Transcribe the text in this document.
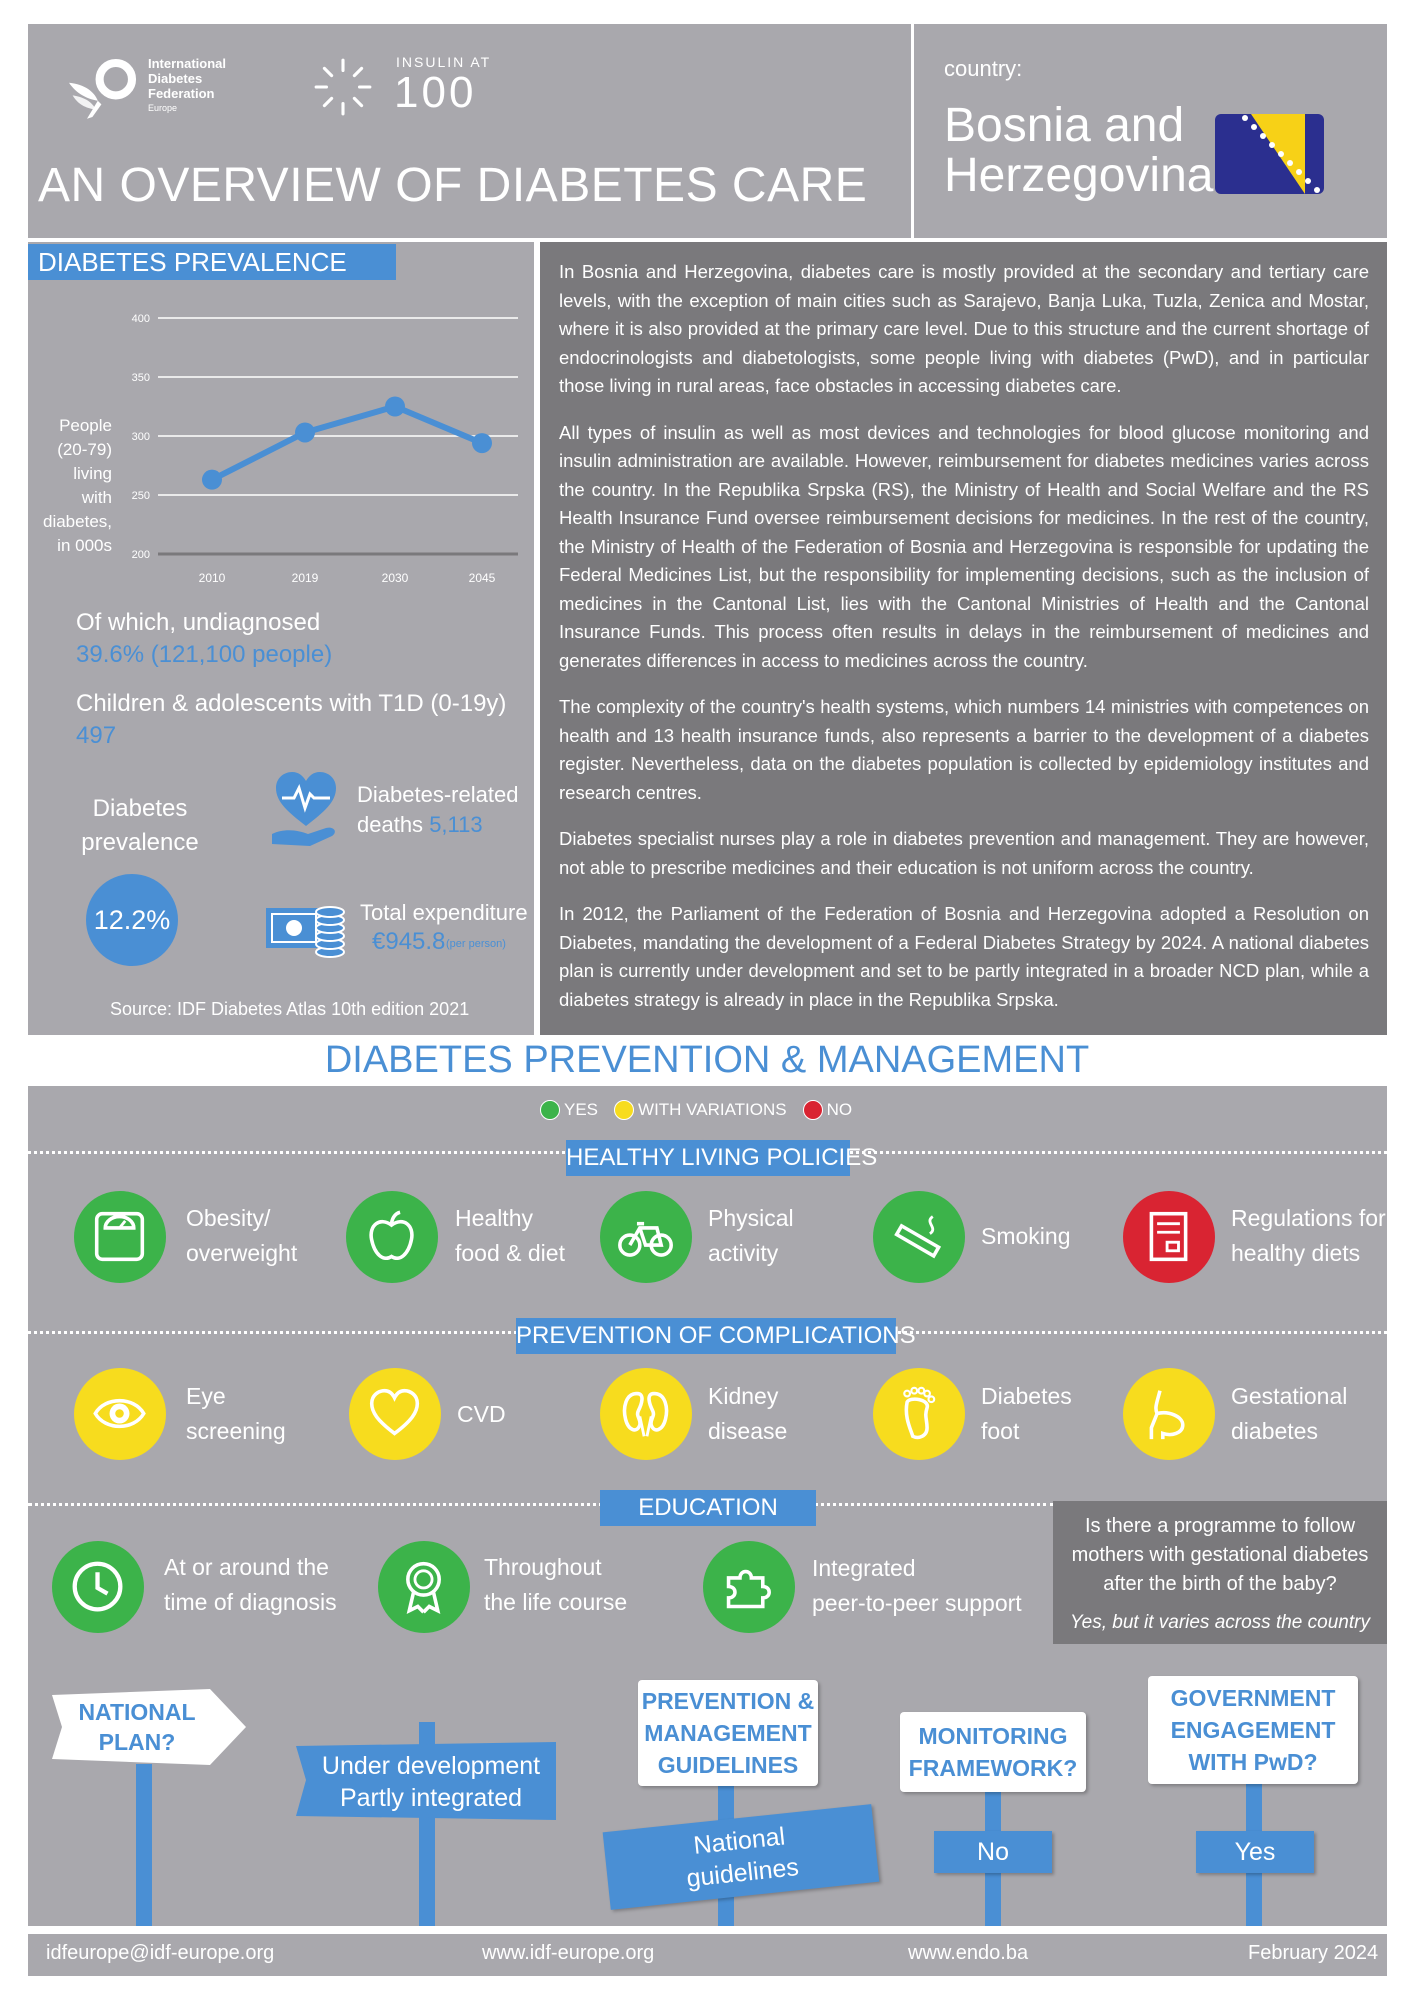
International
Diabetes
Federation
Europe
INSULIN AT
100
AN OVERVIEW OF DIABETES CARE
country:
Bosnia and
Herzegovina
DIABETES PREVALENCE
People
(20-79)
living
with
diabetes,
in 000s 200
250
300
350
400
2010	2019	2030	2045
Of which, undiagnosed
39.6% (121,100 people)
Children & adolescents with T1D (0-19y)
497
Diabetes
prevalence
12.2%
Diabetes-related
deaths 5,113
Total expenditure
€945.8 (per person)
Source: IDF Diabetes Atlas 10th edition 2021

In Bosnia and Herzegovina, diabetes care is mostly provided at the secondary and tertiary care levels, with the exception of main cities such as Sarajevo, Banja Luka, Tuzla, Zenica and Mostar, where it is also provided at the primary care level. Due to this structure and the current shortage of endocrinologists and diabetologists, some people living with diabetes (PwD), and in particular those living in rural areas, face obstacles in accessing diabetes care.

All types of insulin as well as most devices and technologies for blood glucose monitoring and insulin administration are available. However, reimbursement for diabetes medicines varies across the country. In the Republika Srpska (RS), the Ministry of Health and Social Welfare and the RS Health Insurance Fund oversee reimbursement decisions for medicines. In the rest of the country, the Ministry of Health of the Federation of Bosnia and Herzegovina is responsible for updating the Federal Medicines List, but the responsibility for implementing decisions, such as the inclusion of medicines in the Cantonal List, lies with the Cantonal Ministries of Health and the Cantonal Insurance Funds. This process often results in delays in the reimbursement of medicines and generates differences in access to medicines across the country.

The complexity of the country's health systems, which numbers 14 ministries with competences on health and 13 health insurance funds, also represents a barrier to the development of a diabetes register. Nevertheless, data on the diabetes population is collected by epidemiology institutes and research centres.

Diabetes specialist nurses play a role in diabetes prevention and management. They are however, not able to prescribe medicines and their education is not uniform across the country.

In 2012, the Parliament of the Federation of Bosnia and Herzegovina adopted a Resolution on Diabetes, mandating the development of a Federal Diabetes Strategy by 2024. A national diabetes plan is currently under development and set to be partly integrated in a broader NCD plan, while a diabetes strategy is already in place in the Republika Srpska.

DIABETES PREVENTION & MANAGEMENT
YES WITH VARIATIONS NO
HEALTHY LIVING POLICIES
Obesity/
overweight
Healthy
food & diet
Physical
activity
Smoking
Regulations for
healthy diets
PREVENTION OF COMPLICATIONS
Eye
screening
CVD
Kidney
disease
Diabetes
foot
Gestational
diabetes
EDUCATION
At or around the
time of diagnosis
Throughout
the life course
Integrated
peer-to-peer support
Is there a programme to follow
mothers with gestational diabetes
after the birth of the baby?
Yes, but it varies across the country
NATIONAL
PLAN?
Under development
Partly integrated
PREVENTION &
MANAGEMENT
GUIDELINES
National
guidelines
MONITORING
FRAMEWORK?
No
GOVERNMENT
ENGAGEMENT
WITH PwD?
Yes
idfeurope@idf-europe.org	www.idf-europe.org	www.endo.ba	February 2024
